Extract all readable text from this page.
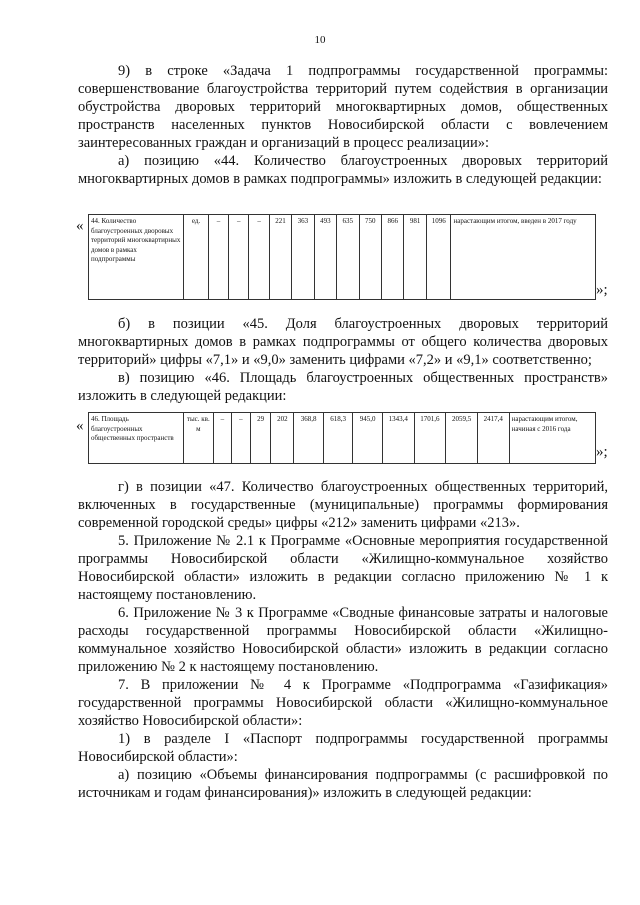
10

9) в строке «Задача 1 подпрограммы государственной программы: совершенствование благоустройства территорий путем содействия в организации обустройства дворовых территорий многоквартирных домов, общественных пространств населенных пунктов Новосибирской области с вовлечением заинтересованных граждан и организаций в процесс реализации»:

а) позицию «44. Количество благоустроенных дворовых территорий многоквартирных домов в рамках подпрограммы» изложить в следующей редакции:

« 44. Количество благоустроенных дворовых территорий многоквартирных домов в рамках подпрограммы	ед.	–	–	–	221	363	493	635	750	866	981	1096	нарастающим итогом, введен в 2017 году
»;

б) в позиции «45. Доля благоустроенных дворовых территорий многоквартирных домов в рамках подпрограммы от общего количества дворовых территорий» цифры «7,1» и «9,0» заменить цифрами «7,2» и «9,1» соответственно;

в) позицию «46. Площадь благоустроенных общественных пространств» изложить в следующей редакции:

« 46. Площадь благоустроенных общественных пространств	тыс. кв. м	–	–	29	202	368,8	618,3	945,0	1343,4	1701,6	2059,5	2417,4	нарастающим итогом, начиная с 2016 года
»;

г) в позиции «47. Количество благоустроенных общественных территорий, включенных в государственные (муниципальные) программы формирования современной городской среды» цифры «212» заменить цифрами «213».

5. Приложение № 2.1 к Программе «Основные мероприятия государственной программы Новосибирской области «Жилищно-коммунальное хозяйство Новосибирской области» изложить в редакции согласно приложению № 1 к настоящему постановлению.

6. Приложение № 3 к Программе «Сводные финансовые затраты и налоговые расходы государственной программы Новосибирской области «Жилищно-коммунальное хозяйство Новосибирской области» изложить в редакции согласно приложению № 2 к настоящему постановлению.

7. В приложении № 4 к Программе «Подпрограмма «Газификация» государственной программы Новосибирской области «Жилищно-коммунальное хозяйство Новосибирской области»:

1) в разделе I «Паспорт подпрограммы государственной программы Новосибирской области»:

а) позицию «Объемы финансирования подпрограммы (с расшифровкой по источникам и годам финансирования)» изложить в следующей редакции:
